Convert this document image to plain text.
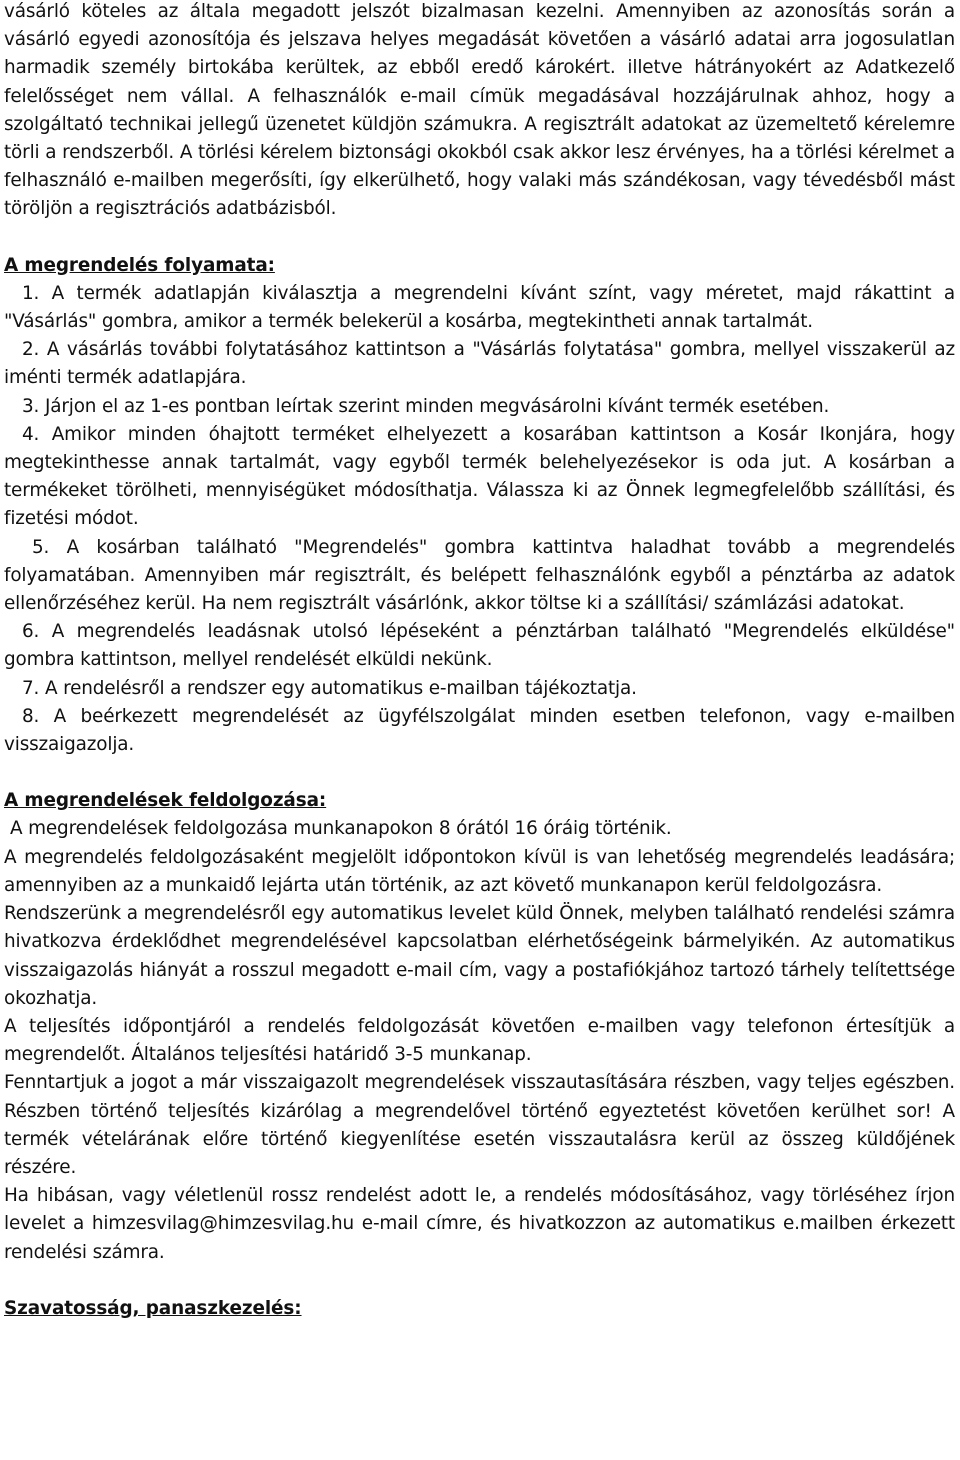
vásárló köteles az általa megadott jelszót bizalmasan kezelni. Amennyiben az azonosítás során a vásárló egyedi azonosítója és jelszava helyes megadását követően a vásárló adatai arra jogosulatlan harmadik személy birtokába kerültek, az ebből eredő károkért. illetve hátrányokért az Adatkezelő felelősséget nem vállal. A felhasználók e-mail címük megadásával hozzájárulnak ahhoz, hogy a szolgáltató technikai jellegű üzenetet küldjön számukra. A regisztrált adatokat az üzemeltető kérelemre törli a rendszerből. A törlési kérelem biztonsági okokból csak akkor lesz érvényes, ha a törlési kérelmet a felhasználó e-mailben megerősíti, így elkerülhető, hogy valaki más szándékosan, vagy tévedésből mást töröljön a regisztrációs adatbázisból.

A megrendelés folyamata:

1. A termék adatlapján kiválasztja a megrendelni kívánt színt, vagy méretet, majd rákattint a "Vásárlás" gombra, amikor a termék belekerül a kosárba, megtekintheti annak tartalmát.

2. A vásárlás további folytatásához kattintson a "Vásárlás folytatása" gombra, mellyel visszakerül az iménti termék adatlapjára.

3. Járjon el az 1-es pontban leírtak szerint minden megvásárolni kívánt termék esetében.

4. Amikor minden óhajtott terméket elhelyezett a kosarában kattintson a Kosár Ikonjára, hogy megtekinthesse annak tartalmát, vagy egyből termék belehelyezésekor is oda jut. A kosárban a termékeket törölheti, mennyiségüket módosíthatja. Válassza ki az Önnek legmegfelelőbb szállítási, és fizetési módot.

5. A kosárban található "Megrendelés" gombra kattintva haladhat tovább a megrendelés folyamatában. Amennyiben már regisztrált, és belépett felhasználónk egyből a pénztárba az adatok ellenőrzéséhez kerül. Ha nem regisztrált vásárlónk, akkor töltse ki a szállítási/ számlázási adatokat.

6. A megrendelés leadásnak utolsó lépéseként a pénztárban található "Megrendelés elküldése" gombra kattintson, mellyel rendelését elküldi nekünk.

7. A rendelésről a rendszer egy automatikus e-mailban tájékoztatja.

8. A beérkezett megrendelését az ügyfélszolgálat minden esetben telefonon, vagy e-mailben visszaigazolja.

A megrendelések feldolgozása:

A megrendelések feldolgozása munkanapokon 8 órától 16 óráig történik.

A megrendelés feldolgozásaként megjelölt időpontokon kívül is van lehetőség megrendelés leadására; amennyiben az a munkaidő lejárta után történik, az azt követő munkanapon kerül feldolgozásra.

Rendszerünk a megrendelésről egy automatikus levelet küld Önnek, melyben található rendelési számra hivatkozva érdeklődhet megrendelésével kapcsolatban elérhetőségeink bármelyikén. Az automatikus visszaigazolás hiányát a rosszul megadott e-mail cím, vagy a postafiókjához tartozó tárhely telítettsége okozhatja.

A teljesítés időpontjáról a rendelés feldolgozását követően e-mailben vagy telefonon értesítjük a megrendelőt. Általános teljesítési határidő 3-5 munkanap.

Fenntartjuk a jogot a már visszaigazolt megrendelések visszautasítására részben, vagy teljes egészben. Részben történő teljesítés kizárólag a megrendelővel történő egyeztetést követően kerülhet sor! A termék vételárának előre történő kiegyenlítése esetén visszautalásra kerül az összeg küldőjének részére.

Ha hibásan, vagy véletlenül rossz rendelést adott le, a rendelés módosításához, vagy törléséhez írjon levelet a himzesvilag@himzesvilag.hu e-mail címre, és hivatkozzon az automatikus e.mailben érkezett rendelési számra.

Szavatosság, panaszkezelés:
